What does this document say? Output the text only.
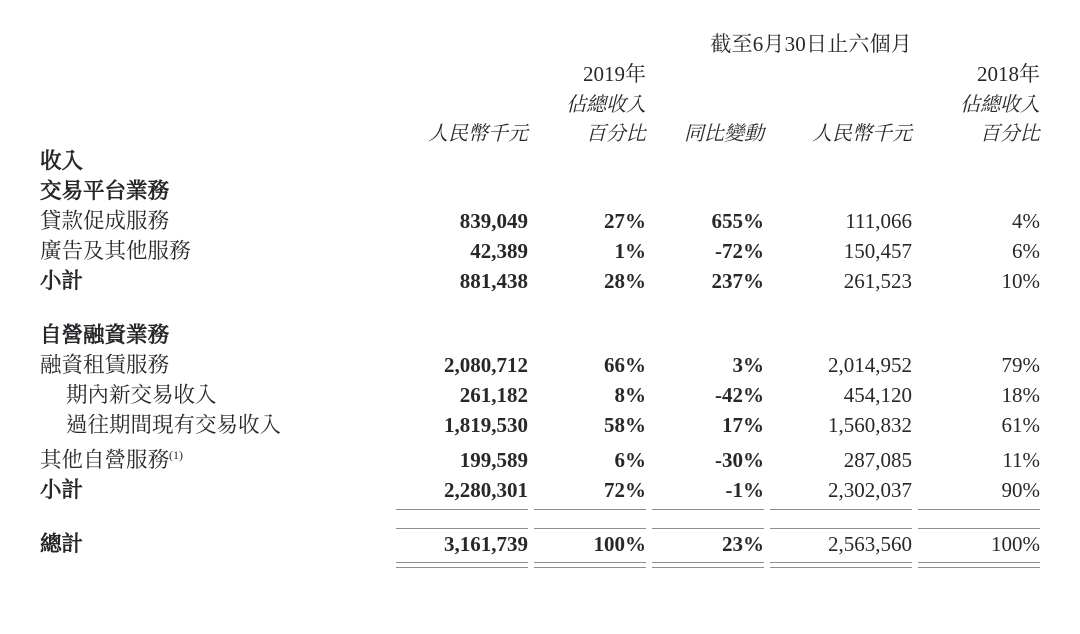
	截至6月30日止六個月				
	2019年			2018年	
		佔總收入			佔總收入
	人民幣千元	百分比	同比變動	人民幣千元	百分比
收入					
交易平台業務					
貸款促成服務	839,049	27%	655%	111,066	4%
廣告及其他服務	42,389	1%	-72%	150,457	6%
小計	881,438	28%	237%	261,523	10%

自營融資業務					
融資租賃服務	2,080,712	66%	3%	2,014,952	79%
期內新交易收入	261,182	8%	-42%	454,120	18%
過往期間現有交易收入	1,819,530	58%	17%	1,560,832	61%
其他自營服務$^{(1)}$	199,589	6%	-30%	287,085	11%
小計	2,280,301	72%	-1%	2,302,037	90%

總計	3,161,739	100%	23%	2,563,560	100%
